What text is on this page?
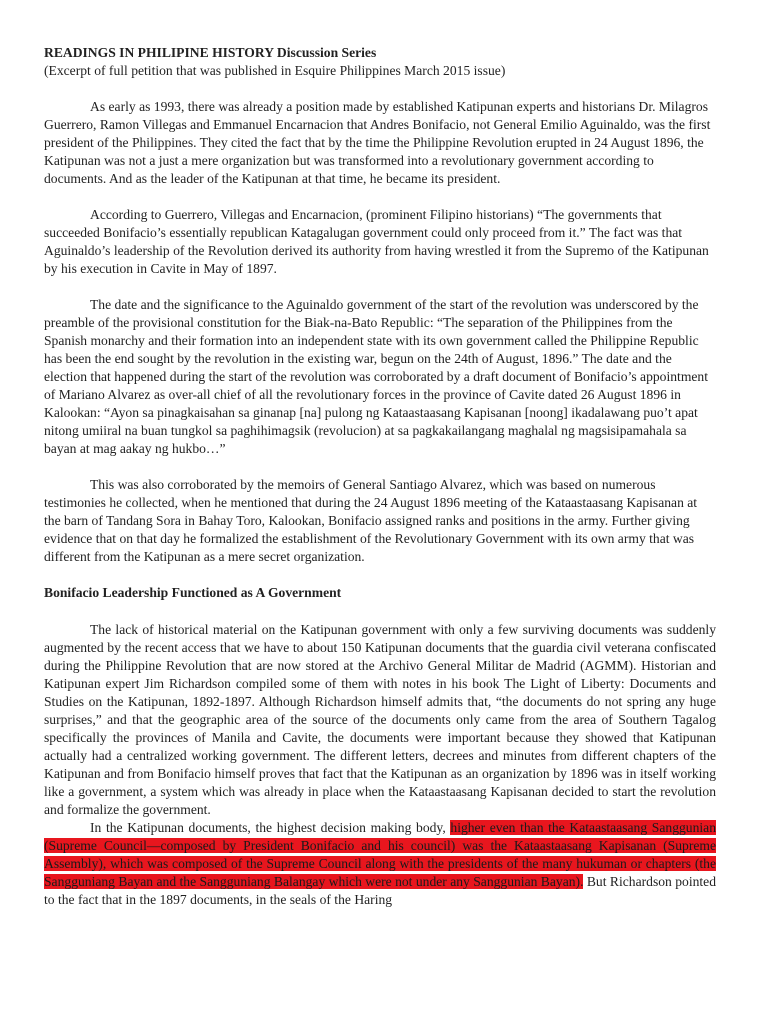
READINGS IN PHILIPINE HISTORY Discussion Series
(Excerpt of full petition that was published in Esquire Philippines March 2015 issue)

As early as 1993, there was already a position made by established Katipunan experts and historians Dr. Milagros Guerrero, Ramon Villegas and Emmanuel Encarnacion that Andres Bonifacio, not General Emilio Aguinaldo, was the first president of the Philippines. They cited the fact that by the time the Philippine Revolution erupted in 24 August 1896, the Katipunan was not a just a mere organization but was transformed into a revolutionary government according to documents. And as the leader of the Katipunan at that time, he became its president.

According to Guerrero, Villegas and Encarnacion, (prominent Filipino historians) “The governments that succeeded Bonifacio’s essentially republican Katagalugan government could only proceed from it.” The fact was that Aguinaldo’s leadership of the Revolution derived its authority from having wrestled it from the Supremo of the Katipunan by his execution in Cavite in May of 1897.

The date and the significance to the Aguinaldo government of the start of the revolution was underscored by the preamble of the provisional constitution for the Biak-na-Bato Republic: “The separation of the Philippines from the Spanish monarchy and their formation into an independent state with its own government called the Philippine Republic has been the end sought by the revolution in the existing war, begun on the 24th of August, 1896.” The date and the election that happened during the start of the revolution was corroborated by a draft document of Bonifacio’s appointment of Mariano Alvarez as over-all chief of all the revolutionary forces in the province of Cavite dated 26 August 1896 in Kalookan: “Ayon sa pinagkaisahan sa ginanap [na] pulong ng Kataastaasang Kapisanan [noong] ikadalawang puo’t apat nitong umiiral na buan tungkol sa paghihimagsik (revolucion) at sa pagkakailangang maghalal ng magsisipamahala sa bayan at mag aakay ng hukbo…”

This was also corroborated by the memoirs of General Santiago Alvarez, which was based on numerous testimonies he collected, when he mentioned that during the 24 August 1896 meeting of the Kataastaasang Kapisanan at the barn of Tandang Sora in Bahay Toro, Kalookan, Bonifacio assigned ranks and positions in the army. Further giving evidence that on that day he formalized the establishment of the Revolutionary Government with its own army that was different from the Katipunan as a mere secret organization.

Bonifacio Leadership Functioned as A Government

The lack of historical material on the Katipunan government with only a few surviving documents was suddenly augmented by the recent access that we have to about 150 Katipunan documents that the guardia civil veterana confiscated during the Philippine Revolution that are now stored at the Archivo General Militar de Madrid (AGMM). Historian and Katipunan expert Jim Richardson compiled some of them with notes in his book The Light of Liberty: Documents and Studies on the Katipunan, 1892-1897. Although Richardson himself admits that, “the documents do not spring any huge surprises,” and that the geographic area of the source of the documents only came from the area of Southern Tagalog specifically the provinces of Manila and Cavite, the documents were important because they showed that Katipunan actually had a centralized working government. The different letters, decrees and minutes from different chapters of the Katipunan and from Bonifacio himself proves that fact that the Katipunan as an organization by 1896 was in itself working like a government, a system which was already in place when the Kataastaasang Kapisanan decided to start the revolution and formalize the government.

In the Katipunan documents, the highest decision making body, higher even than the Kataastaasang Sanggunian (Supreme Council—composed by President Bonifacio and his council) was the Kataastaasang Kapisanan (Supreme Assembly), which was composed of the Supreme Council along with the presidents of the many hukuman or chapters (the Sangguniang Bayan and the Sangguniang Balangay which were not under any Sanggunian Bayan). But Richardson pointed to the fact that in the 1897 documents, in the seals of the Haring
